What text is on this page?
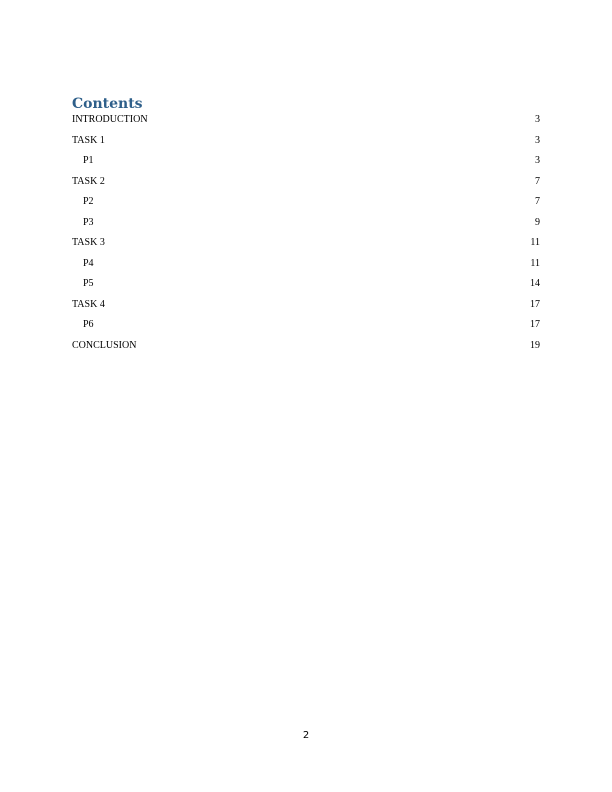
Contents
INTRODUCTION	3
TASK 1	3
P1	3
TASK 2	7
P2	7
P3	9
TASK 3	11
P4	11
P5	14
TASK 4	17
P6	17
CONCLUSION	19
2
